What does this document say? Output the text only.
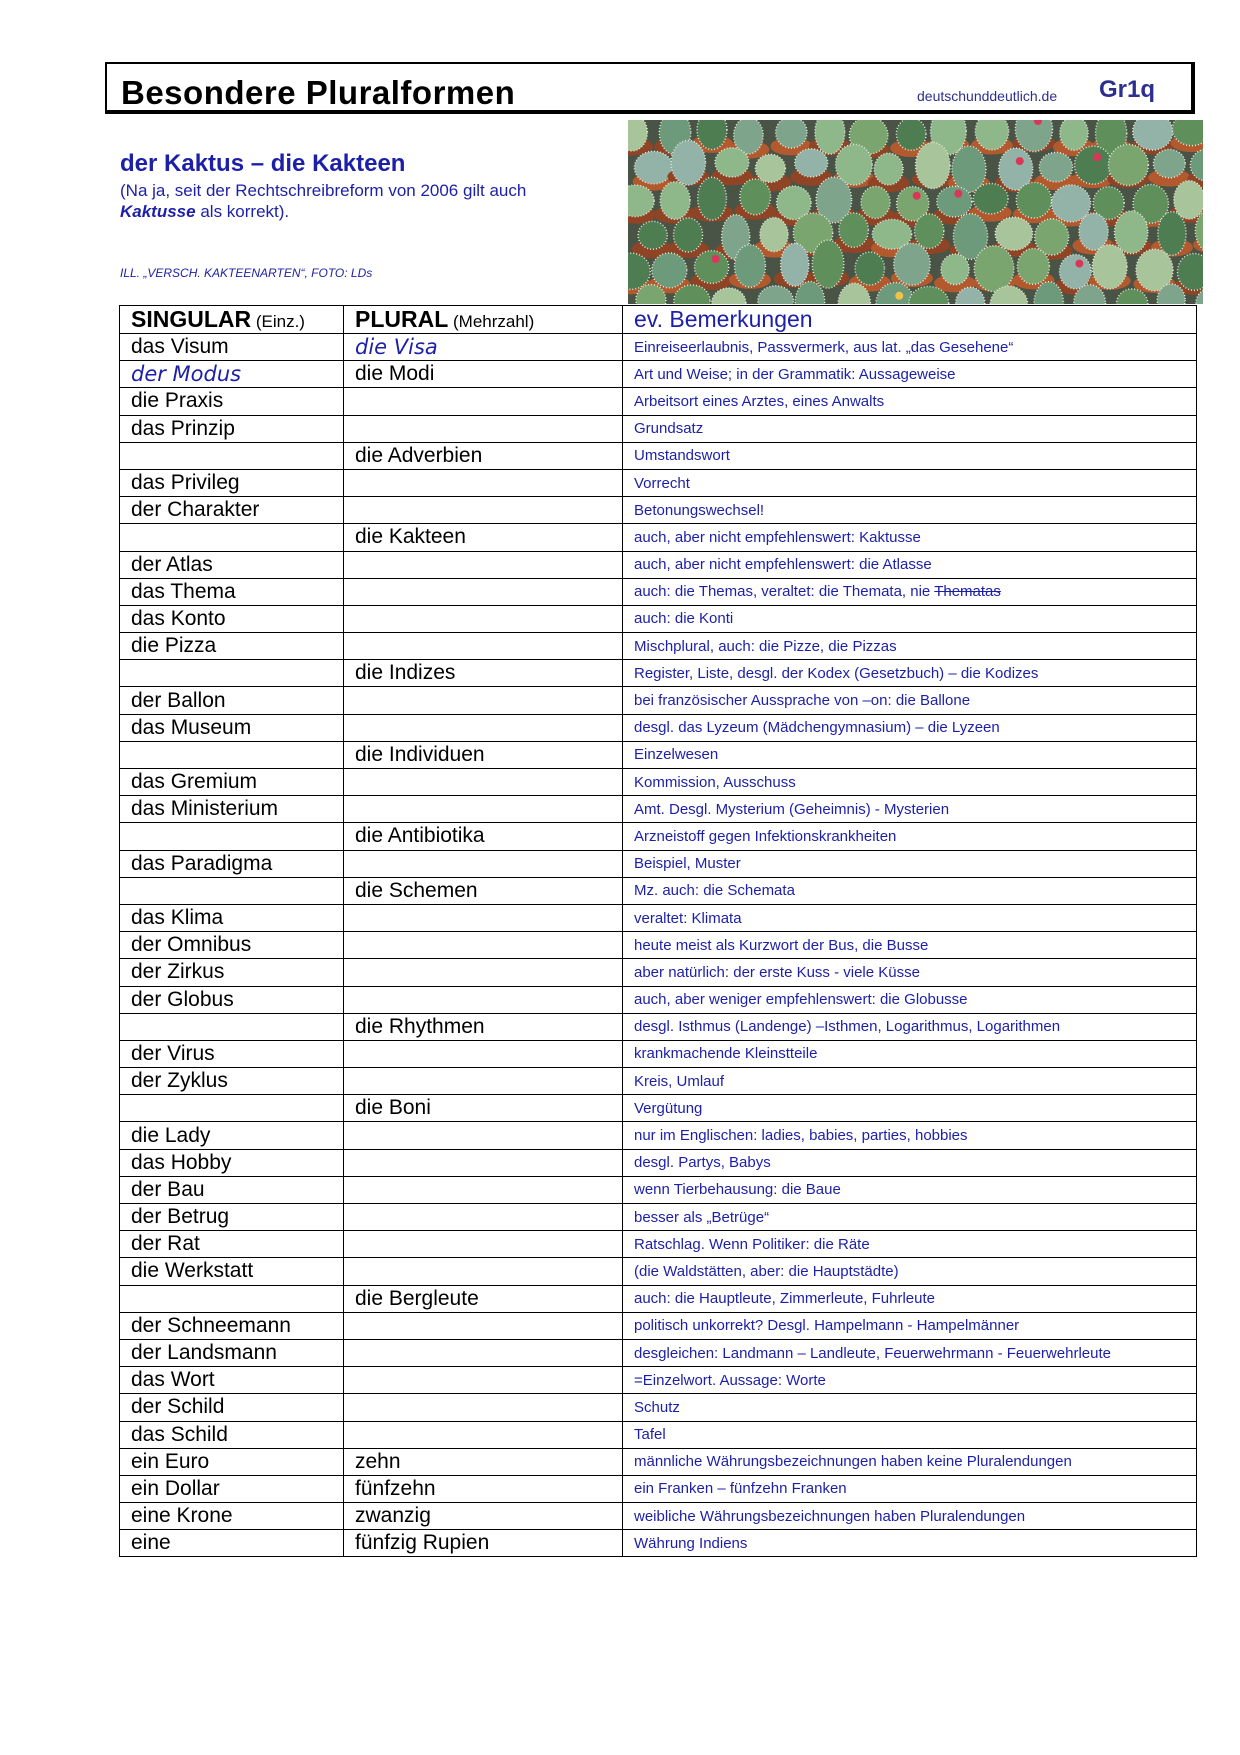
Besondere Pluralformen	deutschunddeutlich.de Gr1q
der Kaktus – die Kakteen
(Na ja, seit der Rechtschreibreform von 2006 gilt auch
Kaktusse als korrekt).
ILL. „VERSCH. KAKTEENARTEN“, FOTO: LDs
SINGULAR (Einz.)	PLURAL (Mehrzahl)	ev. Bemerkungen
das Visum	die Visa	Einreiseerlaubnis, Passvermerk, aus lat. „das Gesehene“
der Modus	die Modi	Art und Weise; in der Grammatik: Aussageweise
die Praxis		Arbeitsort eines Arztes, eines Anwalts
das Prinzip		Grundsatz
	die Adverbien	Umstandswort
das Privileg		Vorrecht
der Charakter		Betonungswechsel!
	die Kakteen	auch, aber nicht empfehlenswert: Kaktusse
der Atlas		auch, aber nicht empfehlenswert: die Atlasse
das Thema		auch: die Themas, veraltet: die Themata, nie Thematas
das Konto		auch: die Konti
die Pizza		Mischplural, auch: die Pizze, die Pizzas
	die Indizes	Register, Liste, desgl. der Kodex (Gesetzbuch) – die Kodizes
der Ballon		bei französischer Aussprache von –on: die Ballone
das Museum		desgl. das Lyzeum (Mädchengymnasium) – die Lyzeen
	die Individuen	Einzelwesen
das Gremium		Kommission, Ausschuss
das Ministerium		Amt. Desgl. Mysterium (Geheimnis) - Mysterien
	die Antibiotika	Arzneistoff gegen Infektionskrankheiten
das Paradigma		Beispiel, Muster
	die Schemen	Mz. auch: die Schemata
das Klima		veraltet: Klimata
der Omnibus		heute meist als Kurzwort der Bus, die Busse
der Zirkus		aber natürlich: der erste Kuss - viele Küsse
der Globus		auch, aber weniger empfehlenswert: die Globusse
	die Rhythmen	desgl. Isthmus (Landenge) –Isthmen, Logarithmus, Logarithmen
der Virus		krankmachende Kleinstteile
der Zyklus		Kreis, Umlauf
	die Boni	Vergütung
die Lady		nur im Englischen: ladies, babies, parties, hobbies
das Hobby		desgl. Partys, Babys
der Bau		wenn Tierbehausung: die Baue
der Betrug		besser als „Betrüge“
der Rat		Ratschlag. Wenn Politiker: die Räte
die Werkstatt		(die Waldstätten, aber: die Hauptstädte)
	die Bergleute	auch: die Hauptleute, Zimmerleute, Fuhrleute
der Schneemann		politisch unkorrekt? Desgl. Hampelmann - Hampelmänner
der Landsmann		desgleichen: Landmann – Landleute, Feuerwehrmann - Feuerwehrleute
das Wort		=Einzelwort. Aussage: Worte
der Schild		Schutz
das Schild		Tafel
ein Euro	zehn	männliche Währungsbezeichnungen haben keine Pluralendungen
ein Dollar	fünfzehn	ein Franken – fünfzehn Franken
eine Krone	zwanzig	weibliche Währungsbezeichnungen haben Pluralendungen
eine	fünfzig Rupien	Währung Indiens
